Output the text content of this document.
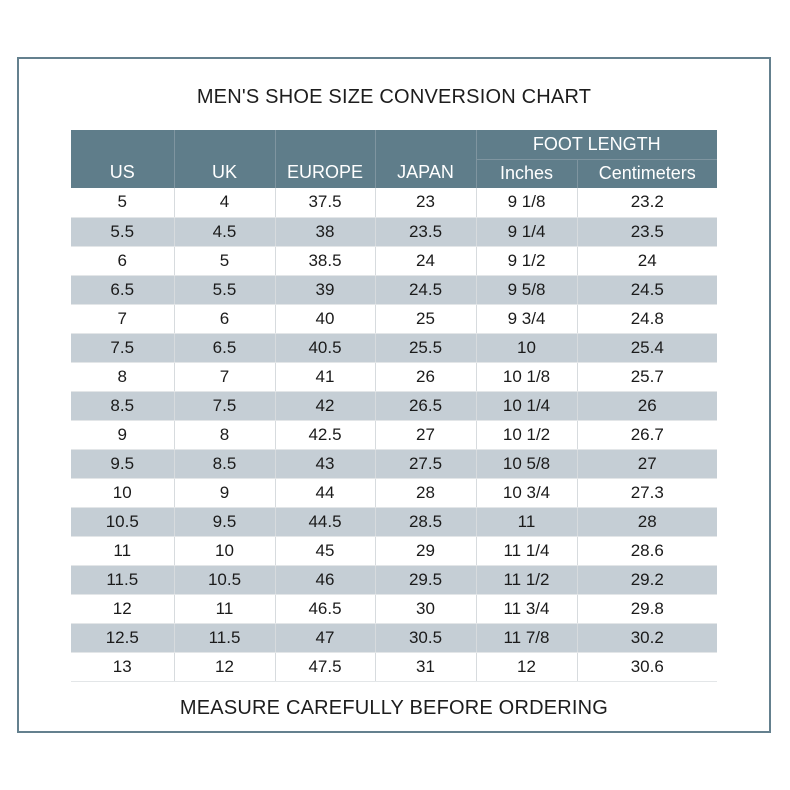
MEN'S SHOE SIZE CONVERSION CHART
US	UK	EUROPE	JAPAN	FOOT LENGTH	
				Inches	Centimeters
5	4	37.5	23	9 1/8	23.2
5.5	4.5	38	23.5	9 1/4	23.5
6	5	38.5	24	9 1/2	24
6.5	5.5	39	24.5	9 5/8	24.5
7	6	40	25	9 3/4	24.8
7.5	6.5	40.5	25.5	10	25.4
8	7	41	26	10 1/8	25.7
8.5	7.5	42	26.5	10 1/4	26
9	8	42.5	27	10 1/2	26.7
9.5	8.5	43	27.5	10 5/8	27
10	9	44	28	10 3/4	27.3
10.5	9.5	44.5	28.5	11	28
11	10	45	29	11 1/4	28.6
11.5	10.5	46	29.5	11 1/2	29.2
12	11	46.5	30	11 3/4	29.8
12.5	11.5	47	30.5	11 7/8	30.2
13	12	47.5	31	12	30.6
MEASURE CAREFULLY BEFORE ORDERING
